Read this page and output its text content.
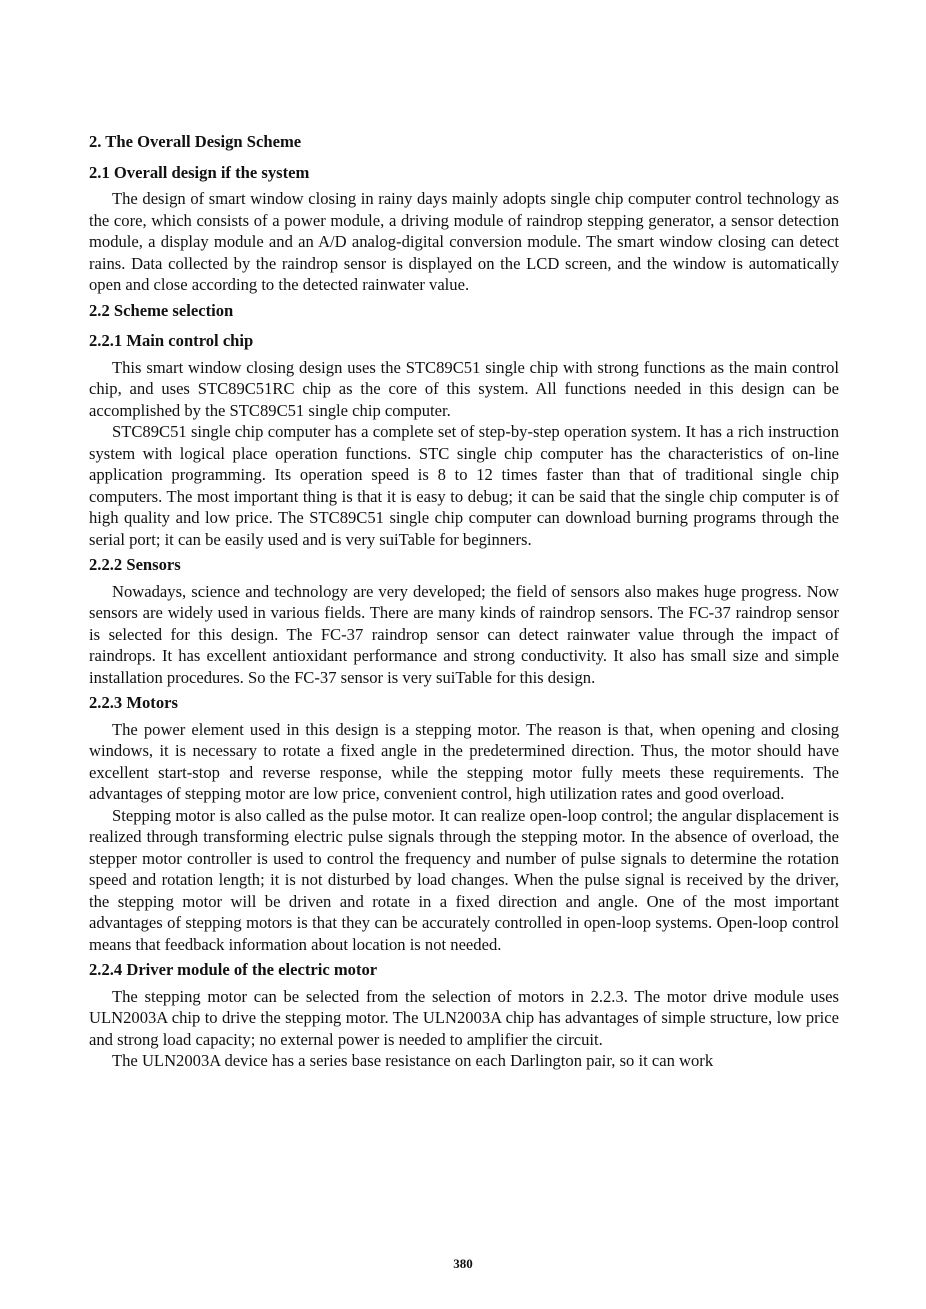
2. The Overall Design Scheme
2.1 Overall design if the system

The design of smart window closing in rainy days mainly adopts single chip computer control technology as the core, which consists of a power module, a driving module of raindrop stepping generator, a sensor detection module, a display module and an A/D analog-digital conversion module. The smart window closing can detect rains. Data collected by the raindrop sensor is displayed on the LCD screen, and the window is automatically open and close according to the detected rainwater value.

2.2 Scheme selection
2.2.1 Main control chip

This smart window closing design uses the STC89C51 single chip with strong functions as the main control chip, and uses STC89C51RC chip as the core of this system. All functions needed in this design can be accomplished by the STC89C51 single chip computer.

STC89C51 single chip computer has a complete set of step-by-step operation system. It has a rich instruction system with logical place operation functions. STC single chip computer has the characteristics of on-line application programming. Its operation speed is 8 to 12 times faster than that of traditional single chip computers. The most important thing is that it is easy to debug; it can be said that the single chip computer is of high quality and low price. The STC89C51 single chip computer can download burning programs through the serial port; it can be easily used and is very suiTable for beginners.

2.2.2 Sensors

Nowadays, science and technology are very developed; the field of sensors also makes huge progress. Now sensors are widely used in various fields. There are many kinds of raindrop sensors. The FC-37 raindrop sensor is selected for this design. The FC-37 raindrop sensor can detect rainwater value through the impact of raindrops. It has excellent antioxidant performance and strong conductivity. It also has small size and simple installation procedures. So the FC-37 sensor is very suiTable for this design.

2.2.3 Motors

The power element used in this design is a stepping motor. The reason is that, when opening and closing windows, it is necessary to rotate a fixed angle in the predetermined direction. Thus, the motor should have excellent start-stop and reverse response, while the stepping motor fully meets these requirements. The advantages of stepping motor are low price, convenient control, high utilization rates and good overload.

Stepping motor is also called as the pulse motor. It can realize open-loop control; the angular displacement is realized through transforming electric pulse signals through the stepping motor. In the absence of overload, the stepper motor controller is used to control the frequency and number of pulse signals to determine the rotation speed and rotation length; it is not disturbed by load changes. When the pulse signal is received by the driver, the stepping motor will be driven and rotate in a fixed direction and angle. One of the most important advantages of stepping motors is that they can be accurately controlled in open-loop systems. Open-loop control means that feedback information about location is not needed.

2.2.4 Driver module of the electric motor

The stepping motor can be selected from the selection of motors in 2.2.3. The motor drive module uses ULN2003A chip to drive the stepping motor. The ULN2003A chip has advantages of simple structure, low price and strong load capacity; no external power is needed to amplifier the circuit.

The ULN2003A device has a series base resistance on each Darlington pair, so it can work

380
